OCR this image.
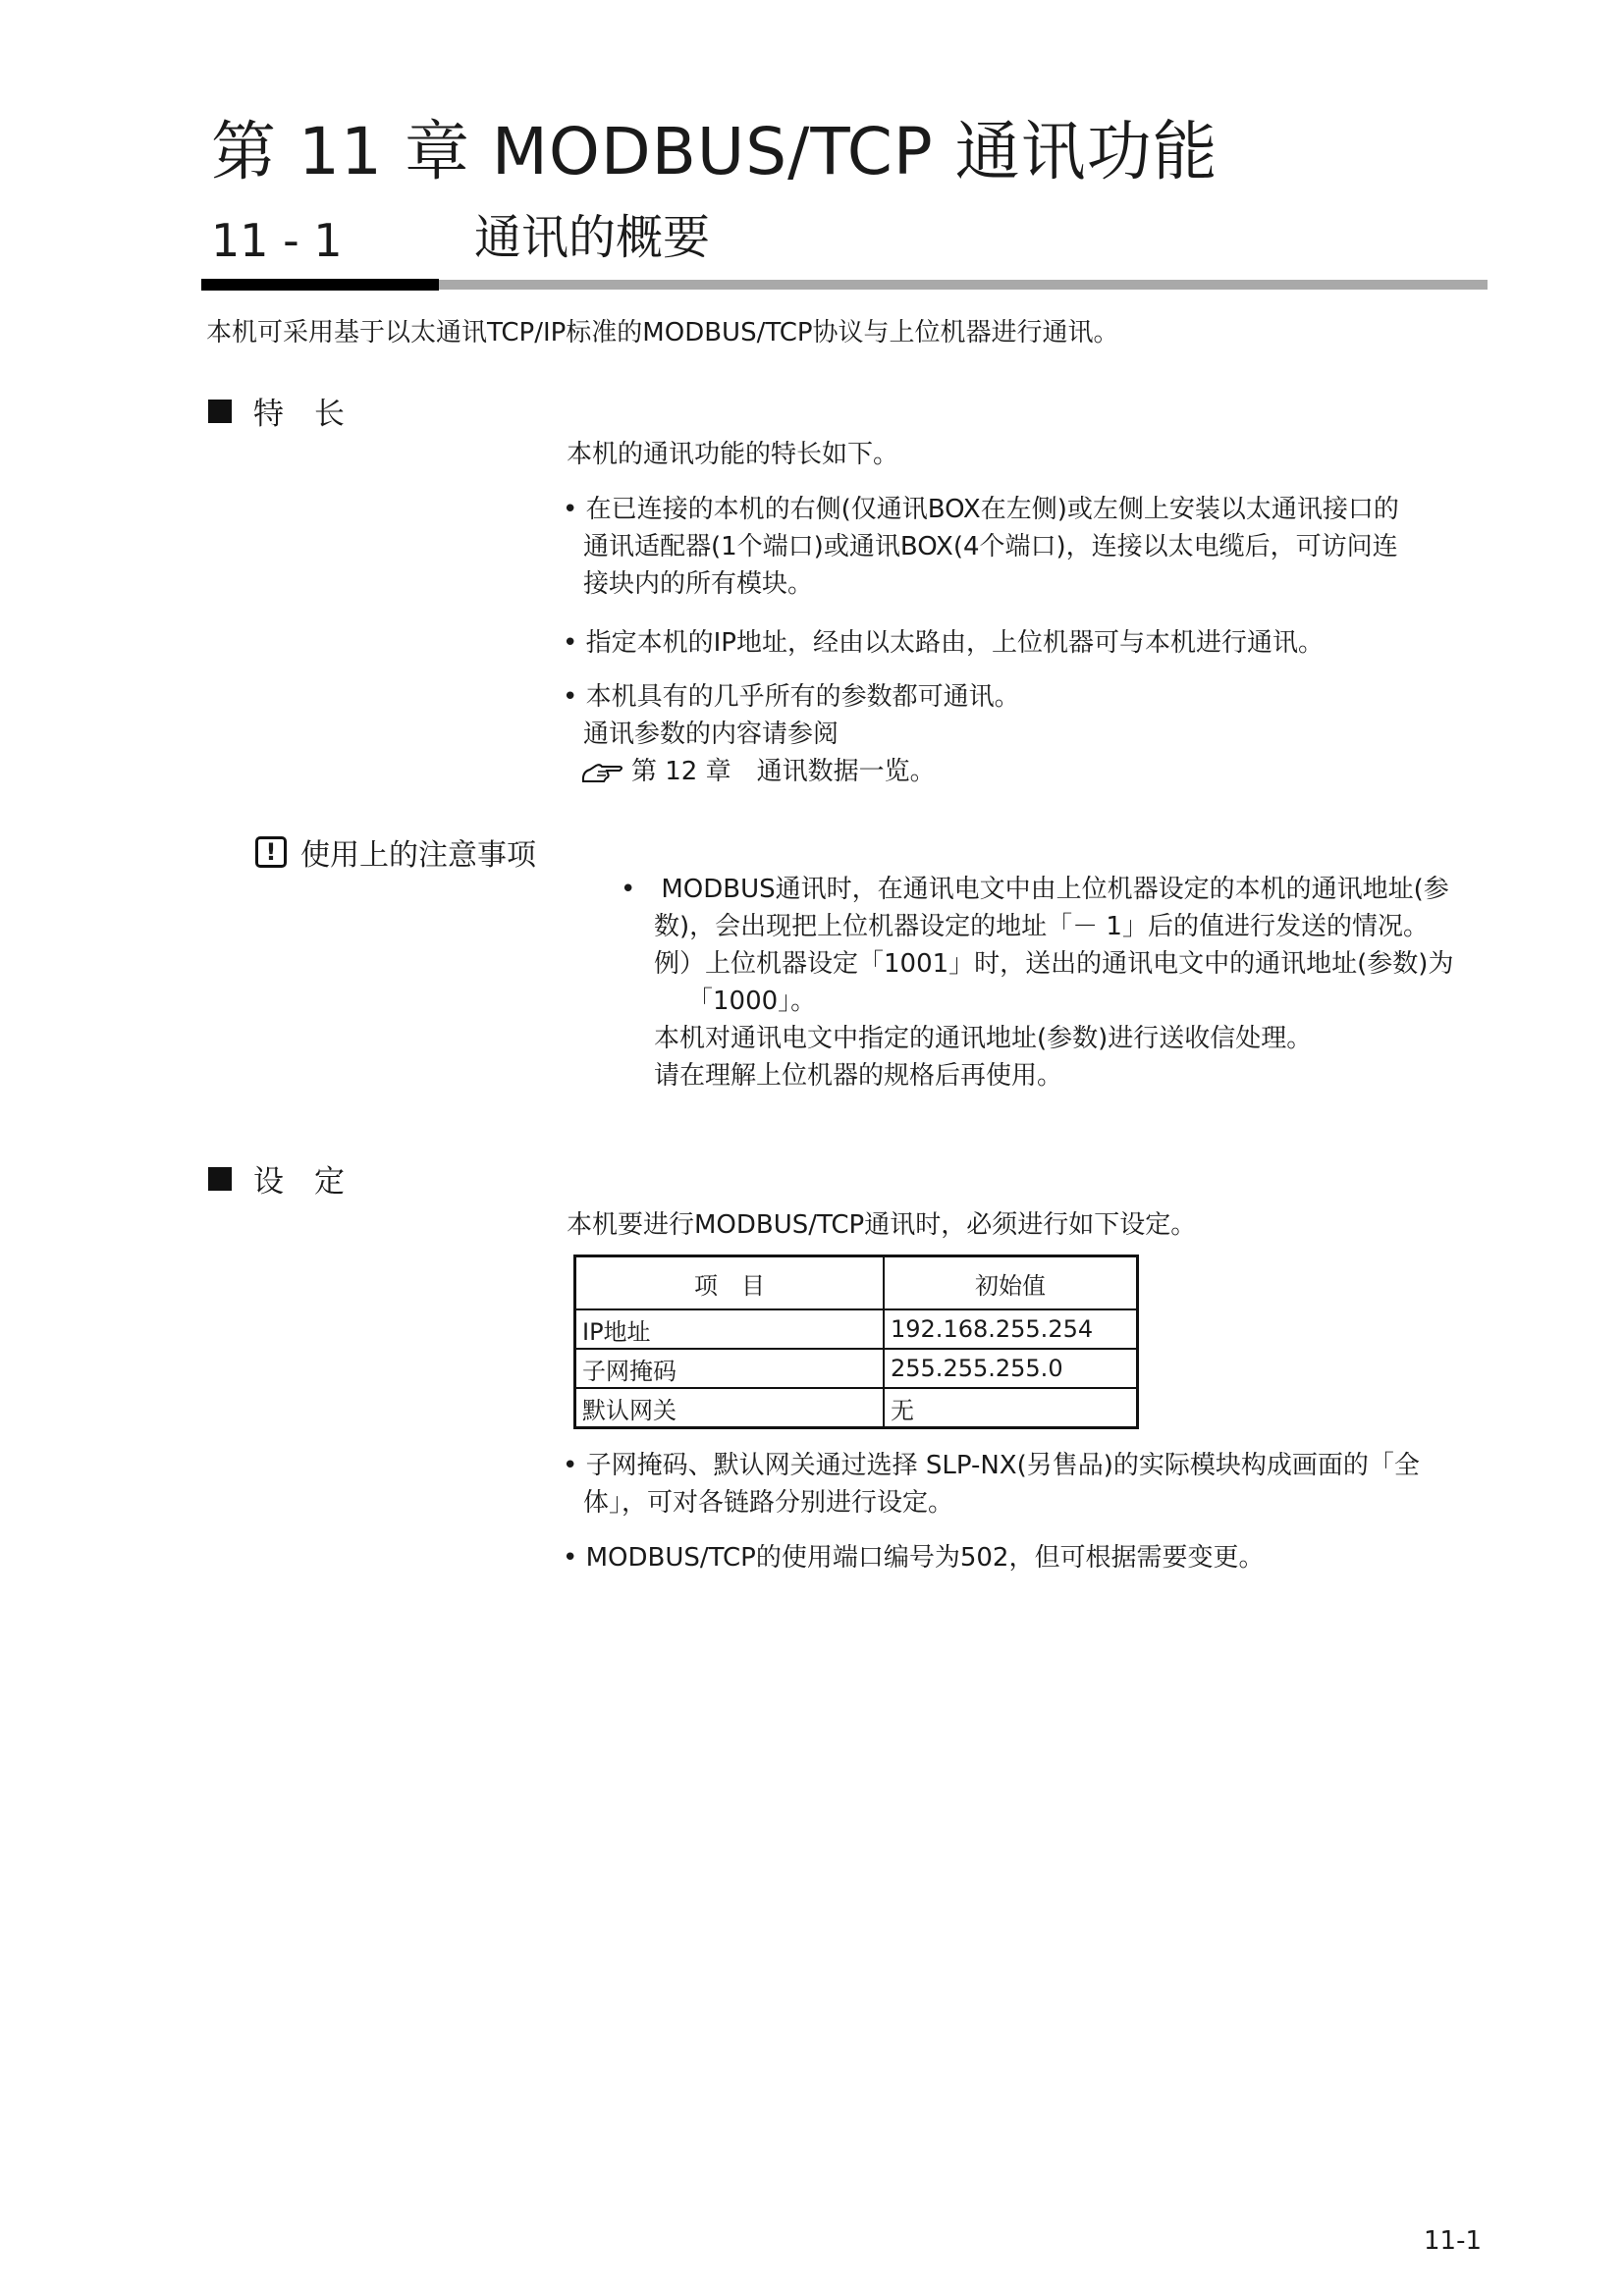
第 11 章 MODBUS/TCP 通讯功能
11 - 1	通讯的概要
本机可采用基于以太通讯TCP/IP标准的MODBUS/TCP协议与上位机器进行通讯。
特　长
本机的通讯功能的特长如下。
• 在已连接的本机的右侧(仅通讯BOX在左侧)或左侧上安装以太通讯接口的
通讯适配器(1个端口)或通讯BOX(4个端口)，连接以太电缆后，可访问连
接块内的所有模块。
• 指定本机的IP地址，经由以太路由，上位机器可与本机进行通讯。
• 本机具有的几乎所有的参数都可通讯。
通讯参数的内容请参阅
第 12 章　通讯数据一览。
! 使用上的注意事项
•　MODBUS通讯时，在通讯电文中由上位机器设定的本机的通讯地址(参
数)，会出现把上位机器设定的地址「－ 1」后的值进行发送的情况。
例）上位机器设定「1001」时，送出的通讯电文中的通讯地址(参数)为
「1000」。
本机对通讯电文中指定的通讯地址(参数)进行送收信处理。
请在理解上位机器的规格后再使用。
设　定
本机要进行MODBUS/TCP通讯时，必须进行如下设定。
项　目	初始值
IP地址	192.168.255.254
子网掩码	255.255.255.0
默认网关	无
• 子网掩码、默认网关通过选择 SLP-NX(另售品)的实际模块构成画面的「全
体」，可对各链路分别进行设定。
• MODBUS/TCP的使用端口编号为502，但可根据需要变更。
11-1
